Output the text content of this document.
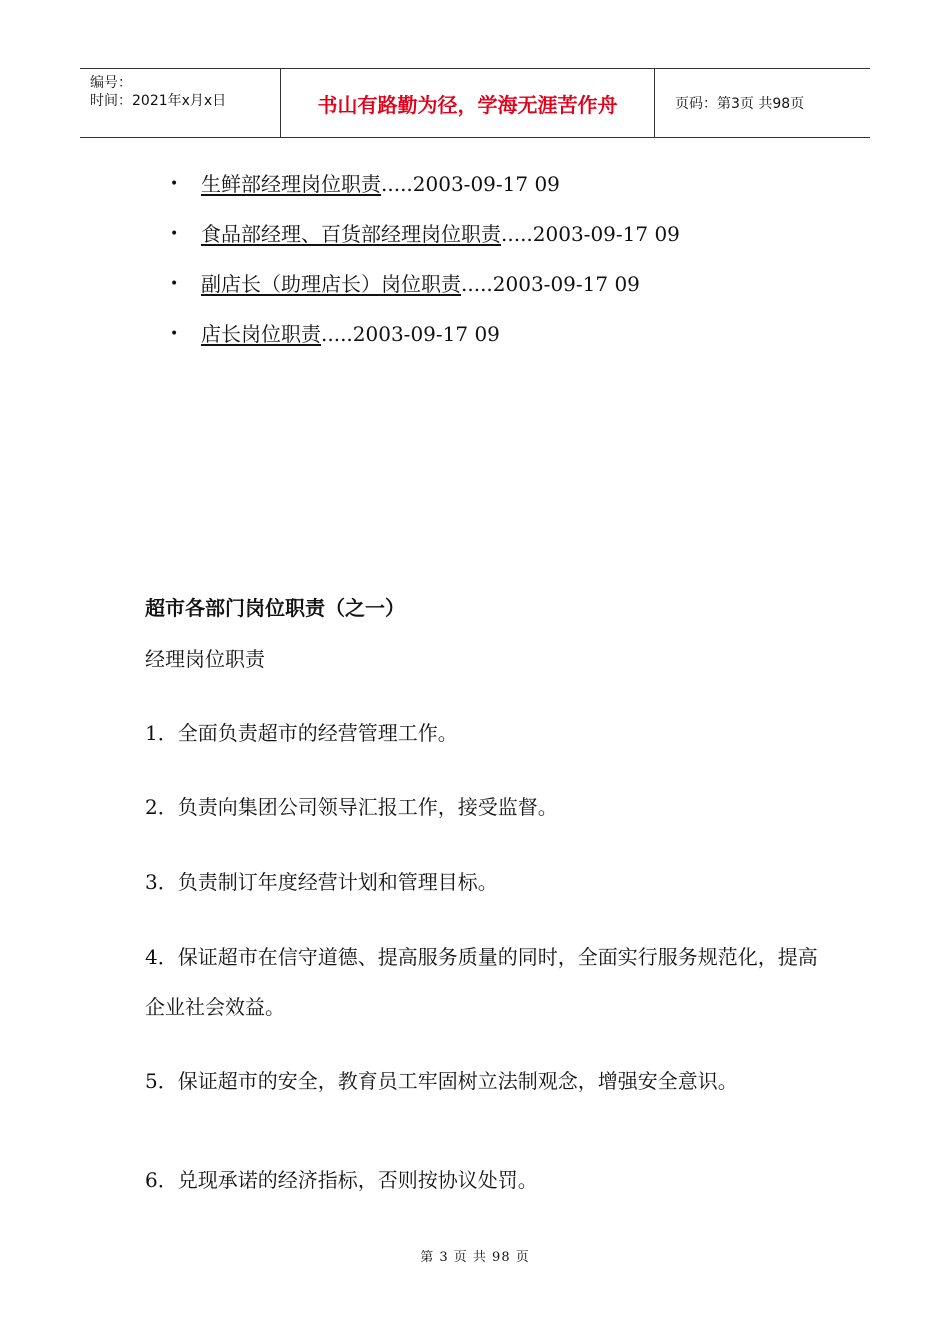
编号：
时间：2021年x月x日	书山有路勤为径，学海无涯苦作舟	页码：第3页 共98页
• 生鲜部经理岗位职责.....2003-09-17 09
• 食品部经理、百货部经理岗位职责.....2003-09-17 09
• 副店长（助理店长）岗位职责.....2003-09-17 09
• 店长岗位职责.....2003-09-17 09
超市各部门岗位职责（之一）
经理岗位职责

1．全面负责超市的经营管理工作。

2．负责向集团公司领导汇报工作，接受监督。

3．负责制订年度经营计划和管理目标。

4．保证超市在信守道德、提高服务质量的同时，全面实行服务规范化，提高企业社会效益。

5．保证超市的安全，教育员工牢固树立法制观念，增强安全意识。

6．兑现承诺的经济指标，否则按协议处罚。

第 3 页 共 98 页
